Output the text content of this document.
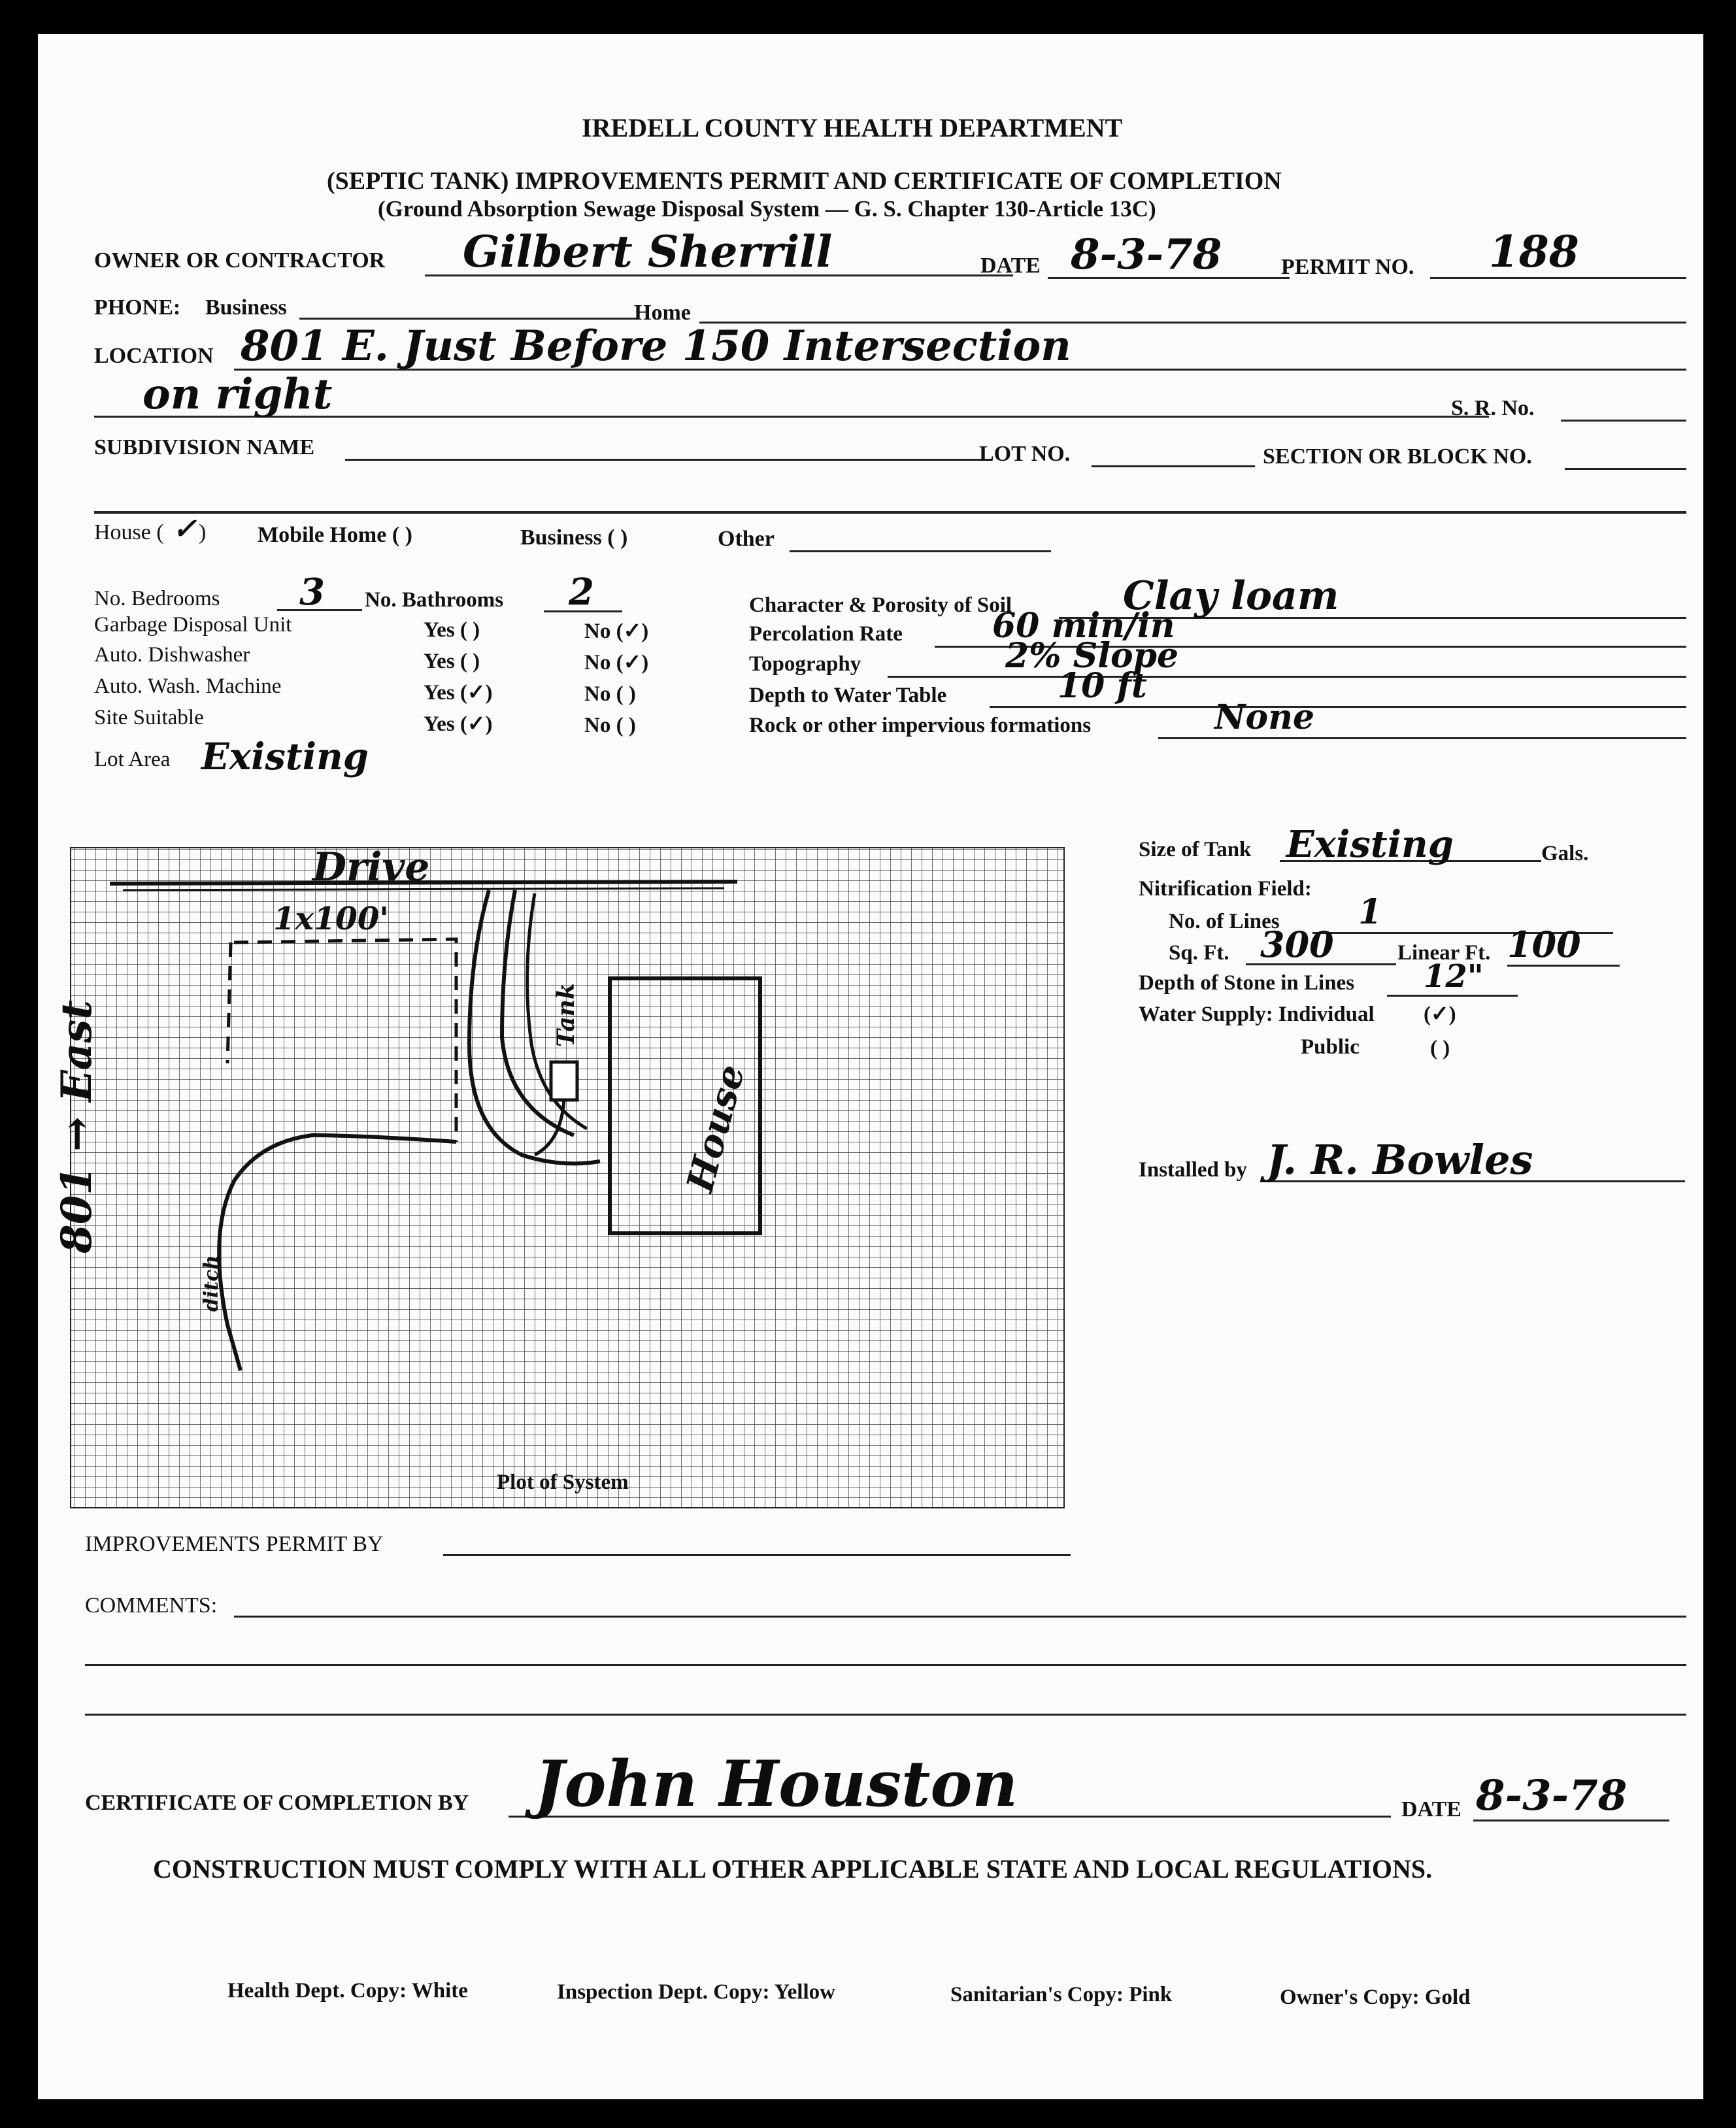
IREDELL COUNTY HEALTH DEPARTMENT
(SEPTIC TANK) IMPROVEMENTS PERMIT AND CERTIFICATE OF COMPLETION
(Ground Absorption Sewage Disposal System — G. S. Chapter 130-Article 13C)
OWNER OR CONTRACTOR Gilbert Sherrill	DATE 8-3-78	PERMIT NO. 188
PHONE: Business	Home
LOCATION 801 E. Just Before 150 Intersection
on right	S. R. No.
SUBDIVISION NAME	LOT NO.	SECTION OR BLOCK NO.
House ( ✓ ) Mobile Home ( )	Business ( )	Other
No. Bedrooms 3 No. Bathrooms 2
Garbage Disposal Unit	Yes ( )	No (✓)
Auto. Dishwasher	Yes ( )	No (✓)
Auto. Wash. Machine	Yes (✓)	No ( )
Site Suitable	Yes (✓)	No ( )
Lot Area Existing
Character & Porosity of Soil	Clay loam
Percolation Rate	60 min/in
Topography	2% Slope
Depth to Water Table	10 ft
Rock or other impervious formations	None
Drive
1x100'
Tank
House
ditch
801 → East
Plot of System
Size of Tank Existing	Gals.
Nitrification Field:
No. of Lines 1
Sq. Ft. 300	Linear Ft. 100
Depth of Stone in Lines 12"
Water Supply: Individual (✓)
Public	( )
Installed by J. R. Bowles
IMPROVEMENTS PERMIT BY
COMMENTS:
CERTIFICATE OF COMPLETION BY John Houston	DATE 8-3-78
CONSTRUCTION MUST COMPLY WITH ALL OTHER APPLICABLE STATE AND LOCAL REGULATIONS.
Health Dept. Copy: White	Inspection Dept. Copy: Yellow	Sanitarian's Copy: Pink	Owner's Copy: Gold
